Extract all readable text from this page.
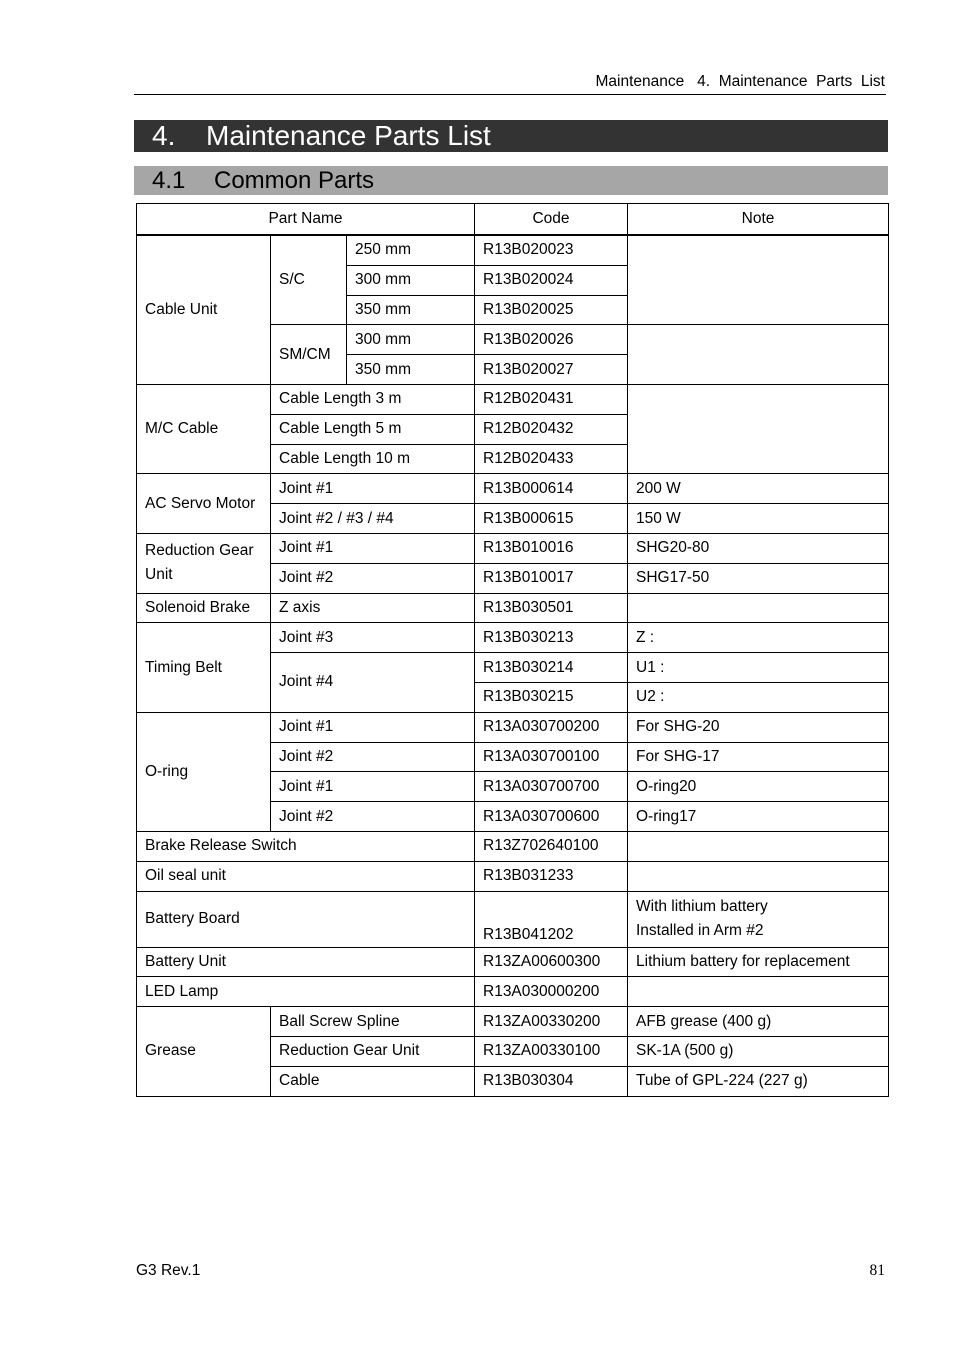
Maintenance 4.  Maintenance  Parts  List
4. Maintenance Parts List
4.1 Common Parts
Part Name			Code	Note
Cable Unit	S/C	250 mm	R13B020023	
		300 mm	R13B020024	
		350 mm	R13B020025	
	SM/CM	300 mm	R13B020026	
		350 mm	R13B020027	
M/C Cable	Cable Length 3 m		R12B020431	
	Cable Length 5 m		R12B020432	
	Cable Length 10 m		R12B020433	
AC Servo Motor	Joint #1		R13B000614	200 W
	Joint #2 / #3 / #4		R13B000615	150 W
Reduction Gear Unit	Joint #1		R13B010016	SHG20-80
	Joint #2		R13B010017	SHG17-50
Solenoid Brake	Z axis		R13B030501	
Timing Belt	Joint #3		R13B030213	Z :
	Joint #4		R13B030214	U1 :
			R13B030215	U2 :
O-ring	Joint #1		R13A030700200	For SHG-20
	Joint #2		R13A030700100	For SHG-17
	Joint #1		R13A030700700	O-ring20
	Joint #2		R13A030700600	O-ring17
Brake Release Switch			R13Z702640100	
Oil seal unit			R13B031233	
Battery Board			R13B041202	With lithium battery
Installed in Arm #2

Battery Unit			R13ZA00600300	Lithium battery for replacement
LED Lamp			R13A030000200	
Grease	Ball Screw Spline		R13ZA00330200	AFB grease (400 g)
	Reduction Gear Unit		R13ZA00330100	SK-1A (500 g)
	Cable		R13B030304	Tube of GPL-224 (227 g)
G3 Rev.1	81
